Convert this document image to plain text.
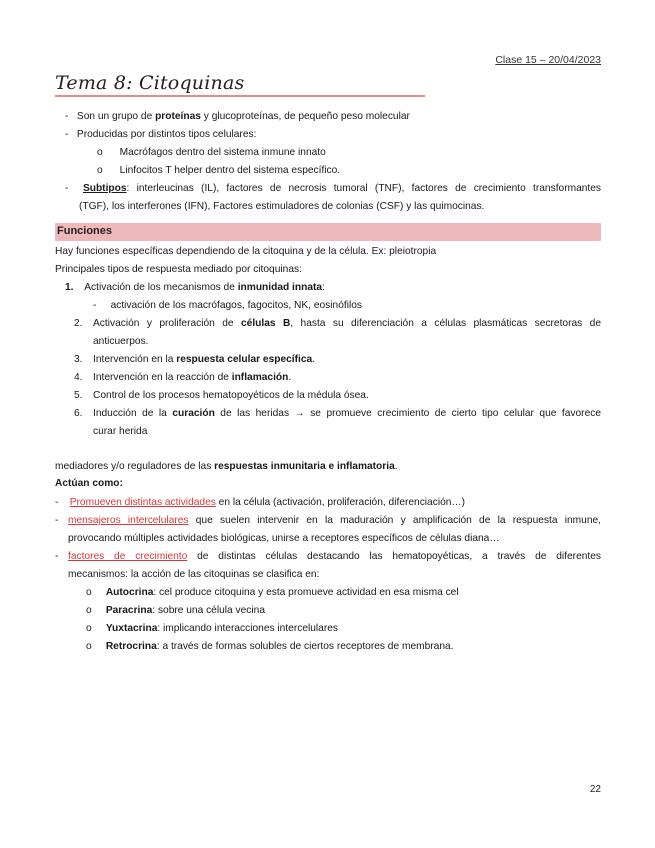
Clase 15 – 20/04/2023
Tema 8: Citoquinas
- Son un grupo de proteínas y glucoproteínas, de pequeño peso molecular
- Producidas por distintos tipos celulares:
o Macrófagos dentro del sistema inmune innato
o Linfocitos T helper dentro del sistema específico.
- Subtipos: interleucinas (IL), factores de necrosis tumoral (TNF), factores de crecimiento transformantes
(TGF), los interferones (IFN), Factores estimuladores de colonias (CSF) y las quimocinas.
Funciones
Hay funciones específicas dependiendo de la citoquina y de la célula. Ex: pleiotropia
Principales tipos de respuesta mediado por citoquinas:
1. Activación de los mecanismos de inmunidad innata:
- activación de los macrófagos, fagocitos, NK, eosinófilos
2. Activación y proliferación de células B, hasta su diferenciación a células plasmáticas secretoras de
anticuerpos.
3. Intervención en la respuesta celular específica.
4. Intervención en la reacción de inflamación.
5. Control de los procesos hematopoyéticos de la médula ósea.
6. Inducción de la curación de las heridas → se promueve crecimiento de cierto tipo celular que favorece
curar herida
mediadores y/o reguladores de las respuestas inmunitaria e inflamatoria.
Actúan como:
- Promueven distintas actividades en la célula (activación, proliferación, diferenciación…)
- mensajeros intercelulares que suelen intervenir en la maduración y amplificación de la respuesta inmune,
provocando múltiples actividades biológicas, unirse a receptores específicos de células diana…
- factores de crecimiento de distintas células destacando las hematopoyéticas, a través de diferentes
mecanismos: la acción de las citoquinas se clasifica en:
o Autocrina: cel produce citoquina y esta promueve actividad en esa misma cel
o Paracrina: sobre una célula vecina
o Yuxtacrina: implicando interacciones intercelulares
o Retrocrina: a través de formas solubles de ciertos receptores de membrana.
22
